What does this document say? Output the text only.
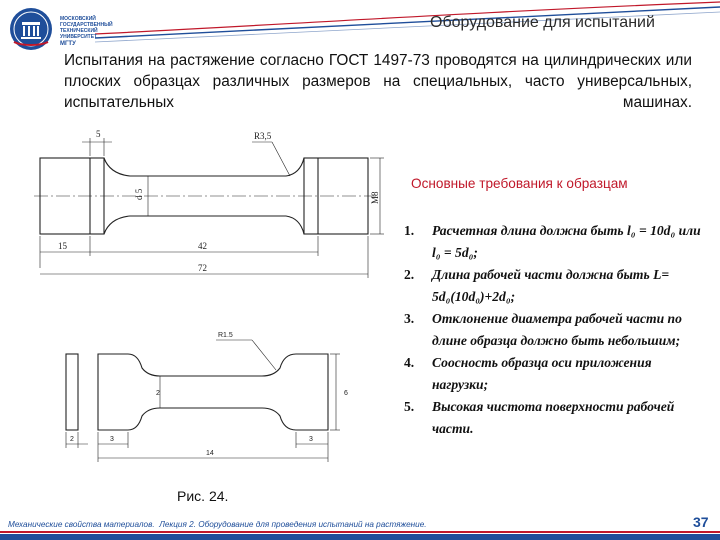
МОСКОВСКИЙ
ГОСУДАРСТВЕННЫЙ
ТЕХНИЧЕСКИЙ
УНИВЕРСИТЕТ
МГТУ
Оборудование для испытаний
Испытания на растяжение согласно ГОСТ 1497-73 проводятся на цилиндрических или плоских образцах различных размеров на специальных, часто универсальных, испытательных машинах.
5	R3,5
d 5	M8
15	42
72
R1.5
2	6
2	3	3
14
Основные требования к образцам
1. Расчетная длина должна быть l₀ = 10d₀ или l₀ = 5d₀;
2. Длина рабочей части должна быть L= 5d₀(10d₀)+2d₀;
3. Отклонение диаметра рабочей части по длине образца должно быть небольшим;
4. Соосность образца оси приложения нагрузки;
5. Высокая чистота поверхности рабочей части.
Рис. 24.
Механические свойства материалов. Лекция 2. Оборудование для проведения испытаний на растяжение.	37
